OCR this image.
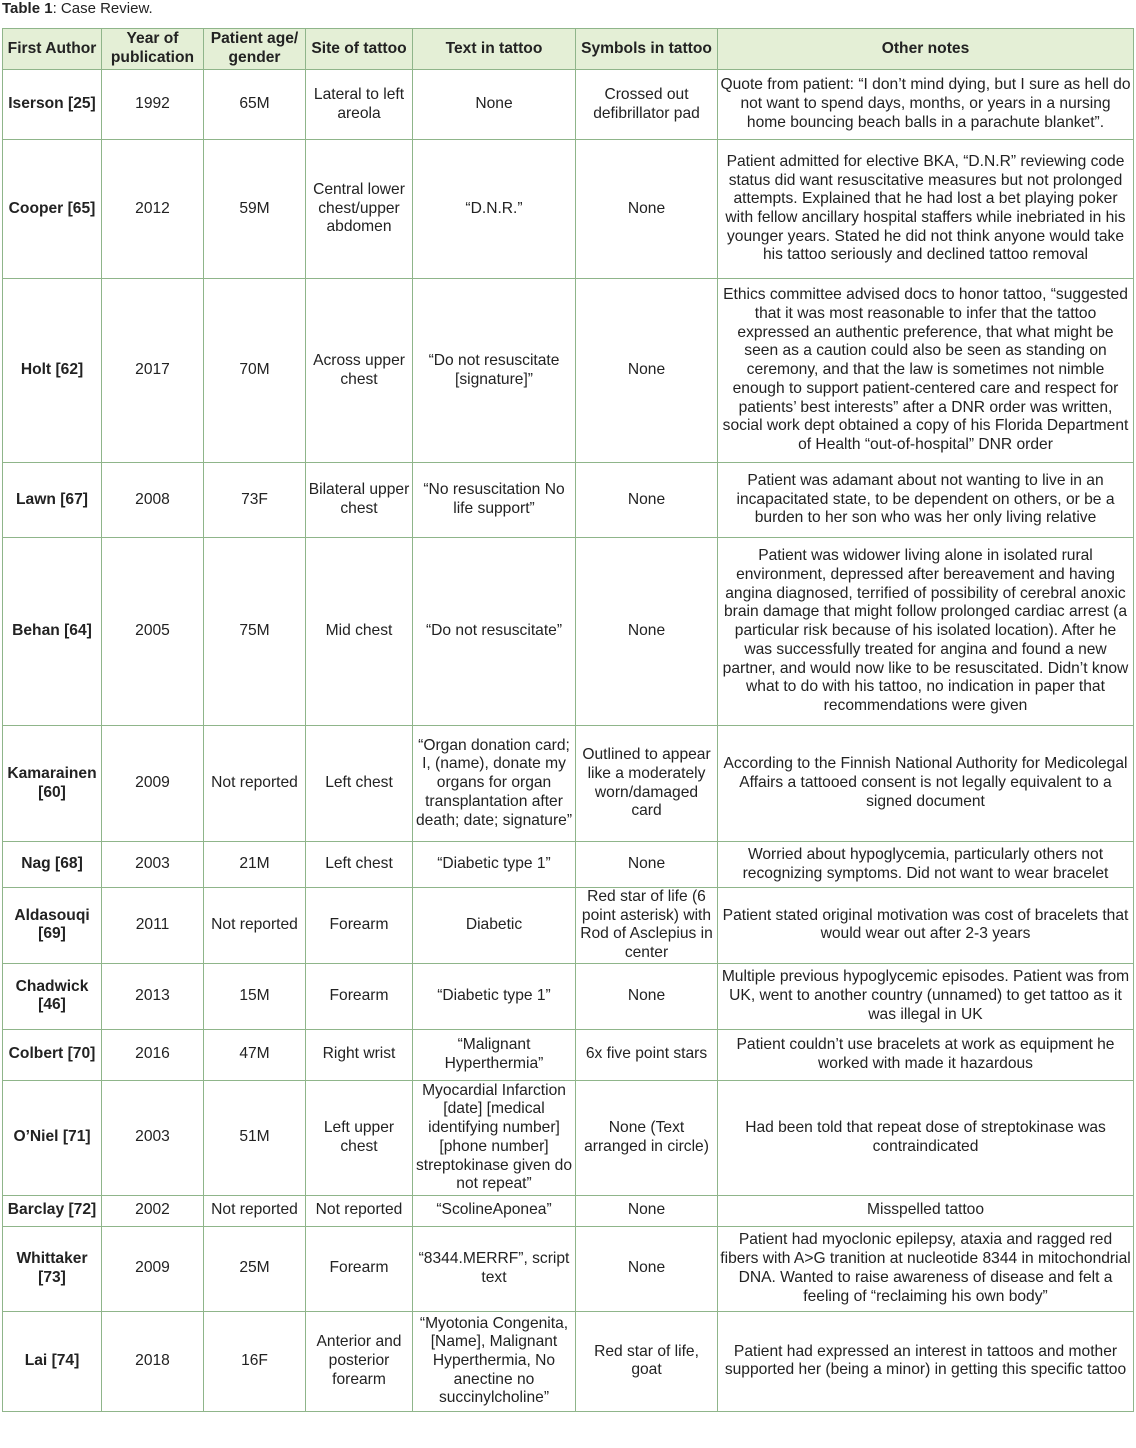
Table 1: Case Review.
First Author	Year of publication	Patient age/ gender	Site of tattoo	Text in tattoo	Symbols in tattoo	Other notes
Iserson [25]	1992	65M	Lateral to left areola	None	Crossed out defibrillator pad	Quote from patient: “I don’t mind dying, but I sure as hell do not want to spend days, months, or years in a nursing home bouncing beach balls in a parachute blanket”.
Cooper [65]	2012	59M	Central lower chest/upper abdomen	“D.N.R.”	None	Patient admitted for elective BKA, “D.N.R” reviewing code status did want resuscitative measures but not prolonged attempts. Explained that he had lost a bet playing poker with fellow ancillary hospital staffers while inebriated in his younger years. Stated he did not think anyone would take his tattoo seriously and declined tattoo removal
Holt [62]	2017	70M	Across upper chest	“Do not resuscitate [signature]”	None	Ethics committee advised docs to honor tattoo, “suggested that it was most reasonable to infer that the tattoo expressed an authentic preference, that what might be seen as a caution could also be seen as standing on ceremony, and that the law is sometimes not nimble enough to support patient-centered care and respect for patients’ best interests” after a DNR order was written, social work dept obtained a copy of his Florida Department of Health “out-of-hospital” DNR order
Lawn [67]	2008	73F	Bilateral upper chest	“No resuscitation No life support”	None	Patient was adamant about not wanting to live in an incapacitated state, to be dependent on others, or be a burden to her son who was her only living relative
Behan [64]	2005	75M	Mid chest	“Do not resuscitate”	None	Patient was widower living alone in isolated rural environment, depressed after bereavement and having angina diagnosed, terrified of possibility of cerebral anoxic brain damage that might follow prolonged cardiac arrest (a particular risk because of his isolated location). After he was successfully treated for angina and found a new partner, and would now like to be resuscitated. Didn’t know what to do with his tattoo, no indication in paper that recommendations were given
Kamarainen [60]	2009	Not reported	Left chest	“Organ donation card; I, (name), donate my organs for organ transplantation after death; date; signature”	Outlined to appear like a moderately worn/damaged card	According to the Finnish National Authority for Medicolegal Affairs a tattooed consent is not legally equivalent to a signed document
Nag [68]	2003	21M	Left chest	“Diabetic type 1”	None	Worried about hypoglycemia, particularly others not recognizing symptoms. Did not want to wear bracelet
Aldasouqi [69]	2011	Not reported	Forearm	Diabetic	Red star of life (6 point asterisk) with Rod of Asclepius in center	Patient stated original motivation was cost of bracelets that would wear out after 2-3 years
Chadwick [46]	2013	15M	Forearm	“Diabetic type 1”	None	Multiple previous hypoglycemic episodes. Patient was from UK, went to another country (unnamed) to get tattoo as it was illegal in UK
Colbert [70]	2016	47M	Right wrist	“Malignant Hyperthermia”	6x five point stars	Patient couldn’t use bracelets at work as equipment he worked with made it hazardous
O’Niel [71]	2003	51M	Left upper chest	Myocardial Infarction [date] [medical identifying number] [phone number] streptokinase given do not repeat”	None (Text arranged in circle)	Had been told that repeat dose of streptokinase was contraindicated
Barclay [72]	2002	Not reported	Not reported	“ScolineAponea”	None	Misspelled tattoo
Whittaker [73]	2009	25M	Forearm	“8344.MERRF”, script text	None	Patient had myoclonic epilepsy, ataxia and ragged red fibers with A>G tranition at nucleotide 8344 in mitochondrial DNA. Wanted to raise awareness of disease and felt a feeling of “reclaiming his own body”
Lai [74]	2018	16F	Anterior and posterior forearm	“Myotonia Congenita, [Name], Malignant Hyperthermia, No anectine no succinylcholine”	Red star of life, goat	Patient had expressed an interest in tattoos and mother supported her (being a minor) in getting this specific tattoo
